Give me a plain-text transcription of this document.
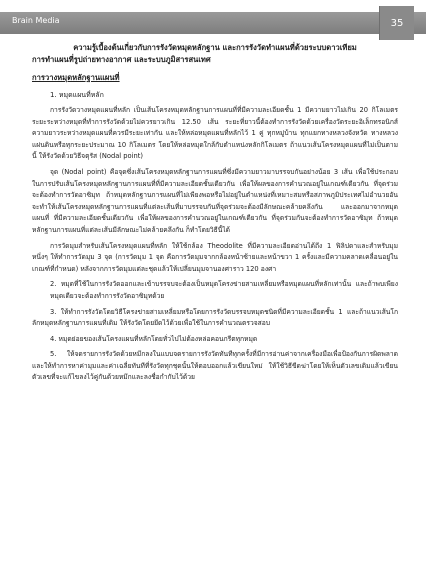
Brain Media	35
ความรู้เบื้องต้นเกี่ยวกับการรังวัดหมุดหลักฐาน และการรังวัดทำแผนที่ด้วยระบบดาวเทียม
การทำแผนที่รูปถ่ายทางอากาศ และระบบภูมิสารสนเทศ
การวางหมุดหลักฐานแผนที่
1. หมุดแผนที่หลัก

การรังวัดวางหมุดแผนที่หลัก เป็นเส้นโครงหมุดหลักฐานการแผนที่ที่มีความละเอียดชั้น 1 มีความยาวไม่เกิน 20 กิโลเมตรระยะระหว่างหมุดที่ทำการรังวัดด้วยไม่ควรยาวเกิน 12.50 เส้น ระยะที่ยาวนี้ต้องทำการรังวัดด้วยเครื่องวัดระยะอิเล็กทรอนิกส์ ความยาวระหว่างหมุดแผนที่ควรมีระยะเท่ากัน และให้หล่อหมุดแผนที่หลักไว้ 1 คู่ ทุกหมู่บ้าน ทุกแยกทางหลวงจังหวัด ทางหลวงแผ่นดินหรือทุกระยะประมาณ 10 กิโลเมตร โดยให้หล่อหมุดใกล้กับตำแหน่งหลักกิโลเมตร ถ้าแนวเส้นโครงหมุดแผนที่ไม่เป็นตามนี้ ให้รังวัดด้วยวิธีจตุรัส (Nodal point)

จุด (Nodal point) คือจุดซึ่งเส้นโครงหมุดหลักฐานการแผนที่ซึ่งมีความยาวมาบรรจบกันอย่างน้อย 3 เส้น เพื่อใช้ประกอบในการปรับเส้นโครงหมุดหลักฐานการแผนที่ที่มีความละเอียดชั้นเดียวกัน เพื่อให้ผลของการคำนวณอยู่ในเกณฑ์เดียวกัน ที่จุดร่วมจะต้องทำการวัดอาซิมุท ถ้าหมุดหลักฐานการแผนที่ไม่เพียงพอหรือไม่อยู่ในตำแหน่งที่เหมาะสมหรือสภาพภูมิประเทศไม่อำนวยอันจะทำให้เส้นโครงหมุดหลักฐานการแผนที่แต่ละเส้นที่มาบรรจบกันที่จุดร่วมจะต้องมีลักษณะคล้ายคลึงกัน และออกมาจากหมุดแผนที่ ที่มีความละเอียดชั้นเดียวกัน เพื่อให้ผลของการคำนวณอยู่ในเกณฑ์เดียวกัน ที่จุดร่วมกันจะต้องทำการวัดอาซิมุท ถ้าหมุดหลักฐานการแผนที่แต่ละเส้นมีลักษณะไม่คล้ายคลึงกัน ก็ทำโดยวิธีนี้ได้

การวัดมุมสำหรับเส้นโครงหมุดแผนที่หลัก ให้ใช้กล้อง Theodolite ที่มีความละเอียดอ่านได้ถึง 1 ฟิลิปดาและสำหรับมุมหนึ่งๆ ให้ทำการวัดมุม 3 จุด (การวัดมุม 1 จุด คือการวัดมุมจากกล้องหน้าซ้ายและหน้าขวา 1 ครั้งและมีความคลาดเคลื่อนอยู่ในเกณฑ์ที่กำหนด) หลังจากการวัดมุมแต่ละชุดแล้วให้เปลี่ยนมุมจานองศาราว 120 องศา

2. หมุดที่ใช้ในการรังวัดออกและเข้าบรรจบจะต้องเป็นหมุดโครงข่ายสามเหลี่ยมหรือหมุดแผนที่หลักเท่านั้น และถ้าพบเพียงหมุดเดียวจะต้องทำการรังวัดอาซิมุทด้วย

3. ให้ทำการรังวัดโดยวิธีโครงข่ายสามเหลี่ยมหรือโดยการรังวัดบรรจบหมุดชนิดที่มีความละเอียดชั้น 1 และถ้าแนวเส้นโกลักหมุดหลักฐานการแผนที่เดิม ให้รังวัดโดยยึดไว้ด้วยเพื่อใช้ในการคำนวณตรวจสอบ

4. หมุดย่อยของเส้นโครงแผนที่หลักโดยทั่วไปไม่ต้องหล่อคอนกรีตทุกหมุด

5. ให้จดรายการรังวัดด้วยหมึกลงในแบบจดรายการรังวัดทันทีทุกครั้งที่มีการอ่านค่าจากเครื่องมือเพื่อป้องกันการผิดพลาดและให้ทำการหาค่ามุมและค่าเฉลี่ยทันทีที่รังวัดทุกชุดนั้นให้ตอบออกแล้วเขียนใหม่ ให้ใช้วิธีขีดฆ่าโดยให้เห็นตัวเลขเดิมแล้วเขียนตัวเลขที่จะแก้ไขลงไว้คู่กันด้วยหมึกและลงชื่อกำกับไว้ด้วย
